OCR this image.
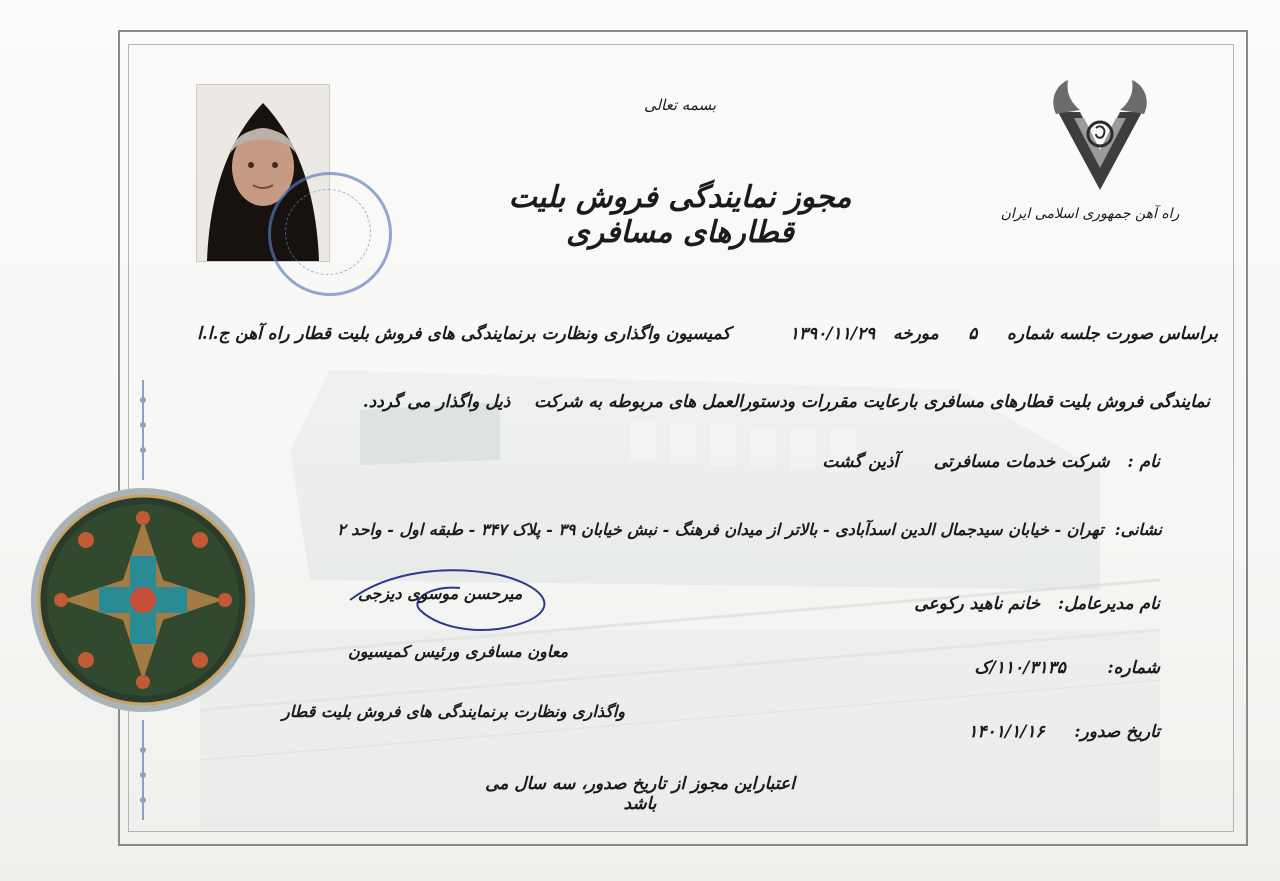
راه آهن جمهوری اسلامی ایران
بسمه تعالی
مجوز نمایندگی فروش بلیت قطارهای مسافری
براساس صورت جلسه شماره     ۵     مورخه   ۱۳۹۰/۱۱/۲۹          کمیسیون واگذاری ونظارت برنمایندگی های فروش بلیت قطار راه آهن ج.ا.ا
نمایندگی فروش بلیت قطارهای مسافری بارعایت مقررات ودستورالعمل های مربوطه به شرکت    ذیل واگذار می گردد.
نام :   شرکت خدمات مسافرتی      آذین گشت
نشانی:  تهران - خیابان سیدجمال الدین اسدآبادی - بالاتر از میدان فرهنگ - نبش خیابان ۳۹ - پلاک ۳۴۷ - طبقه اول - واحد ۲
نام مدیرعامل:   خانم ناهید رکوعی
شماره:       ۱۱۰/۳۱۳۵/ک
تاریخ صدور:     ۱۴۰۱/۱/۱۶
میرحسن موسوی دیزجی
معاون مسافری ورئیس کمیسیون
واگذاری ونظارت برنمایندگی های فروش بلیت قطار
اعتباراین مجوز از تاریخ صدور، سه سال می باشد
